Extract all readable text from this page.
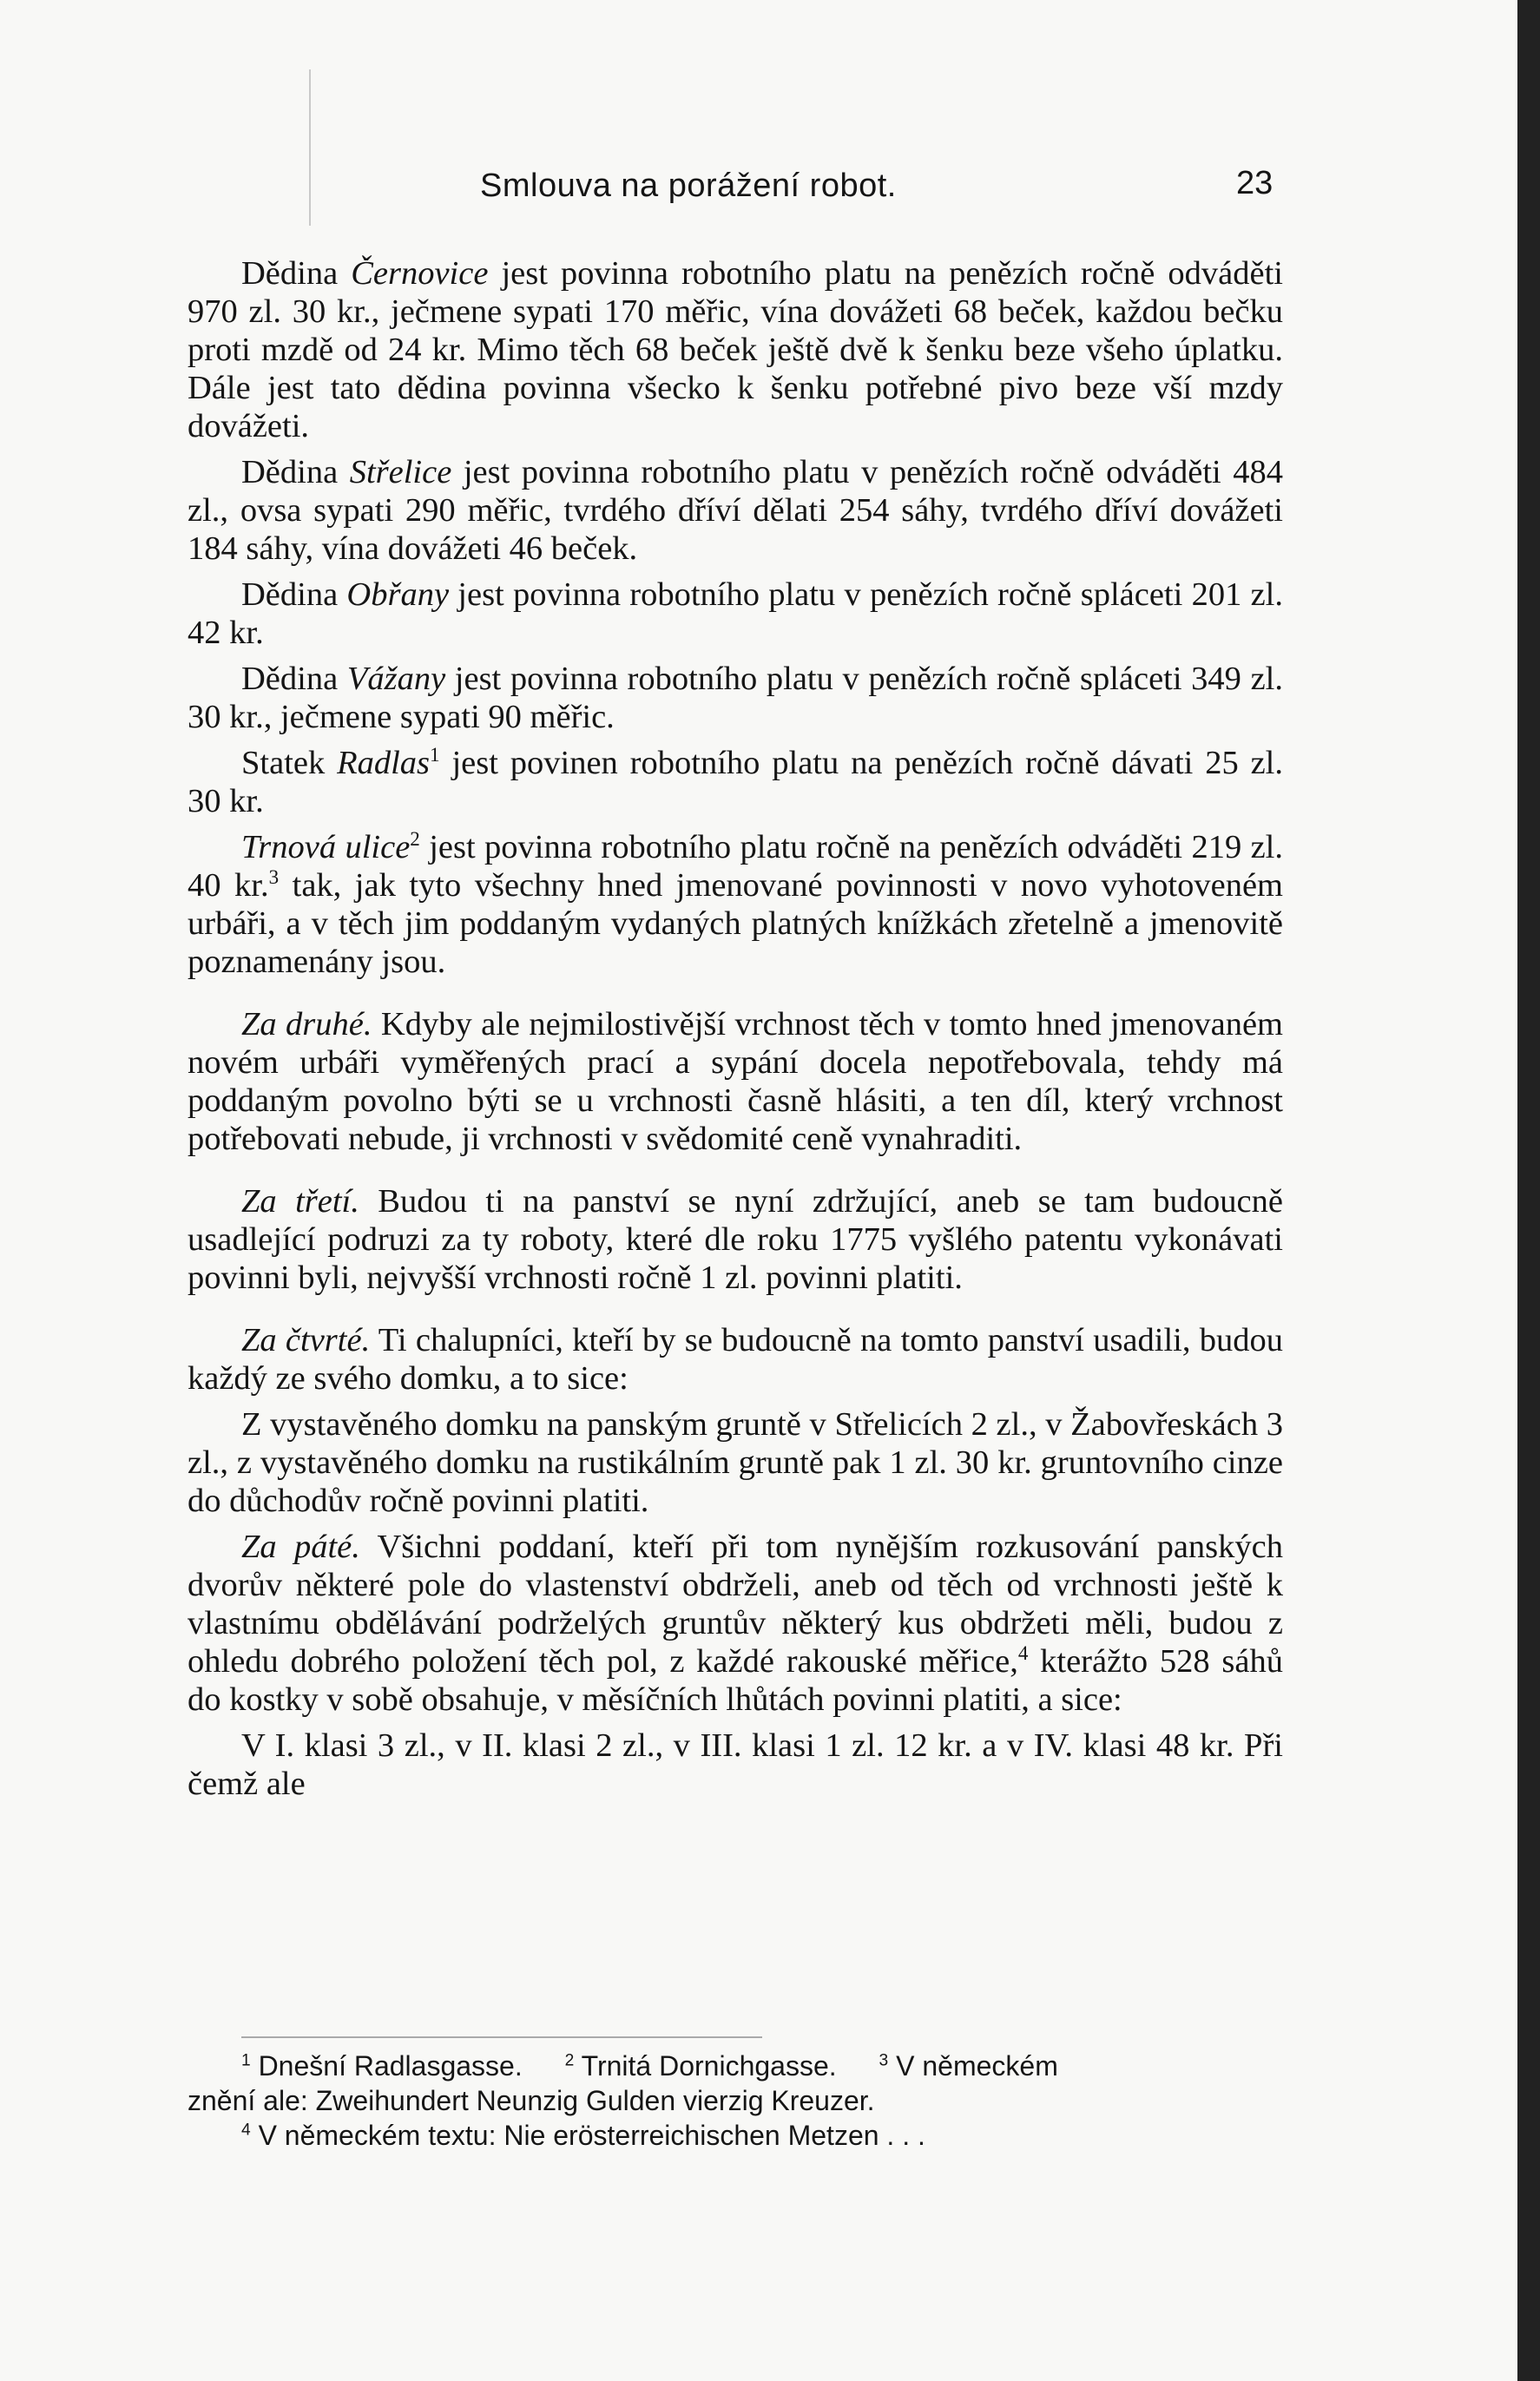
Smlouva na porážení robot.	23

Dědina Černovice jest povinna robotního platu na penězích ročně odváděti 970 zl. 30 kr., ječmene sypati 170 měřic, vína dovážeti 68 beček, každou bečku proti mzdě od 24 kr. Mimo těch 68 beček ještě dvě k šenku beze všeho úplatku. Dále jest tato dědina povinna všecko k šenku potřebné pivo beze vší mzdy dovážeti.

Dědina Střelice jest povinna robotního platu v penězích ročně odváděti 484 zl., ovsa sypati 290 měřic, tvrdého dříví dělati 254 sáhy, tvrdého dříví dovážeti 184 sáhy, vína dovážeti 46 beček.

Dědina Obřany jest povinna robotního platu v penězích ročně spláceti 201 zl. 42 kr.

Dědina Vážany jest povinna robotního platu v penězích ročně spláceti 349 zl. 30 kr., ječmene sypati 90 měřic.

Statek Radlas$^1$ jest povinen robotního platu na penězích ročně dávati 25 zl. 30 kr.

Trnová ulice$^2$ jest povinna robotního platu ročně na penězích odváděti 219 zl. 40 kr.$^3$ tak, jak tyto všechny hned jmenované povinnosti v novo vyhotoveném urbáři, a v těch jim poddaným vydaných platných knížkách zřetelně a jmenovitě poznamenány jsou.

Za druhé. Kdyby ale nejmilostivější vrchnost těch v tomto hned jmenovaném novém urbáři vyměřených prací a sypání docela nepotřebovala, tehdy má poddaným povolno býti se u vrchnosti časně hlásiti, a ten díl, který vrchnost potřebovati nebude, ji vrchnosti v svědomité ceně vynahraditi.

Za třetí. Budou ti na panství se nyní zdržující, aneb se tam budoucně usadlející podruzi za ty roboty, které dle roku 1775 vyšlého patentu vykonávati povinni byli, nejvyšší vrchnosti ročně 1 zl. povinni platiti.

Za čtvrté. Ti chalupníci, kteří by se budoucně na tomto panství usadili, budou každý ze svého domku, a to sice:

Z vystavěného domku na panským gruntě v Střelicích 2 zl., v Žabovřeskách 3 zl., z vystavěného domku na rustikálním gruntě pak 1 zl. 30 kr. gruntovního cinze do důchodův ročně povinni platiti.

Za páté. Všichni poddaní, kteří při tom nynějším rozkusování panských dvorův některé pole do vlastenství obdrželi, aneb od těch od vrchnosti ještě k vlastnímu obdělávání podrželých gruntův některý kus obdržeti měli, budou z ohledu dobrého položení těch pol, z každé rakouské měřice,$^4$ kterážto 528 sáhů do kostky v sobě obsahuje, v měsíčních lhůtách povinni platiti, a sice:

V I. klasi 3 zl., v II. klasi 2 zl., v III. klasi 1 zl. 12 kr. a v IV. klasi 48 kr. Při čemž ale

$^1$ Dnešní Radlasgasse.	$^2$ Trnitá Dornichgasse.	$^3$ V německém
znění ale: Zweihundert Neunzig Gulden vierzig Kreuzer.

$^4$ V německém textu: Nie erösterreichischen Metzen . . .
